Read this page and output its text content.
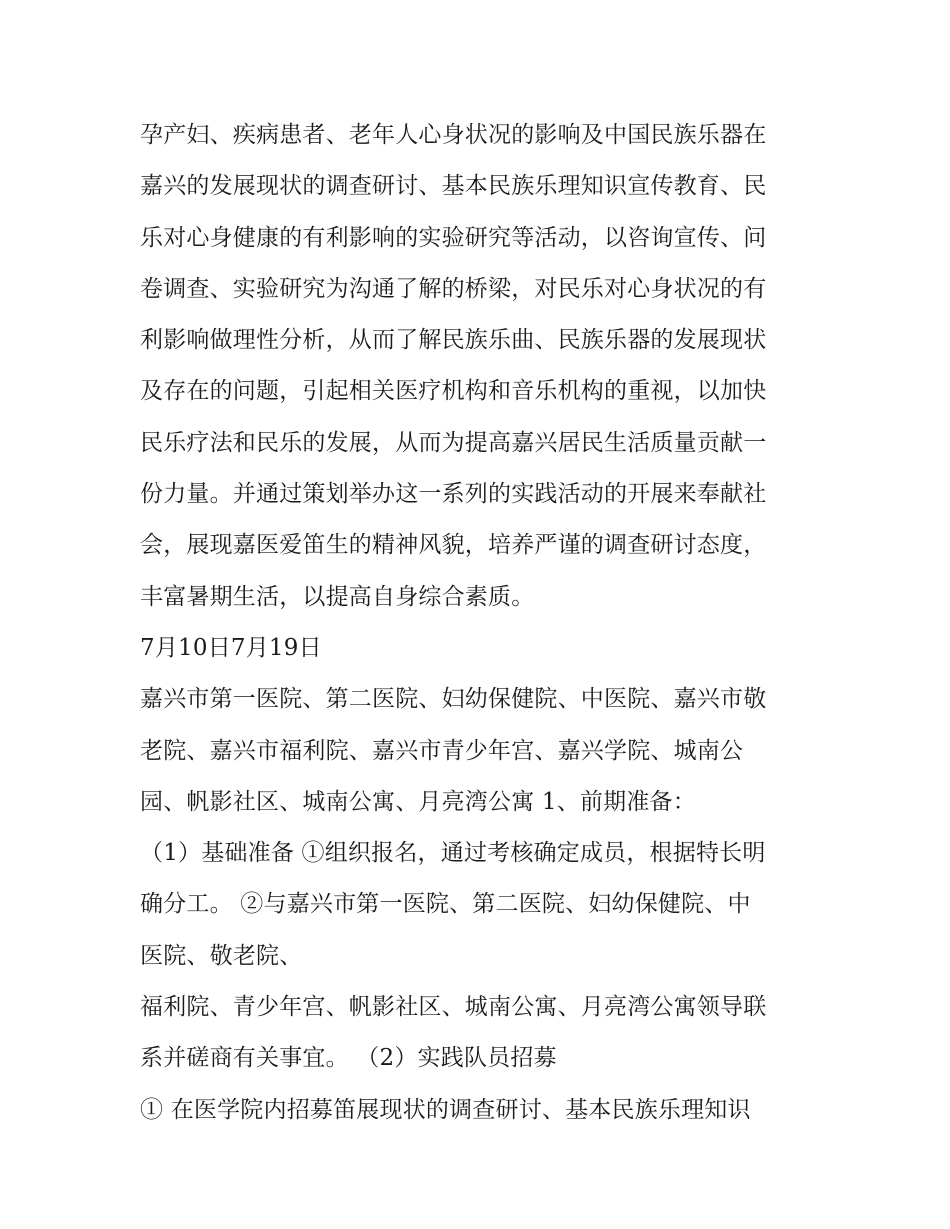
孕产妇、疾病患者、老年人心身状况的影响及中国民族乐器在
嘉兴的发展现状的调查研讨、基本民族乐理知识宣传教育、民
乐对心身健康的有利影响的实验研究等活动，以咨询宣传、问
卷调查、实验研究为沟通了解的桥梁，对民乐对心身状况的有
利影响做理性分析，从而了解民族乐曲、民族乐器的发展现状
及存在的问题，引起相关医疗机构和音乐机构的重视，以加快
民乐疗法和民乐的发展，从而为提高嘉兴居民生活质量贡献一
份力量。并通过策划举办这一系列的实践活动的开展来奉献社
会，展现嘉医爱笛生的精神风貌，培养严谨的调查研讨态度，
丰富暑期生活，以提高自身综合素质。
7月10日7月19日
嘉兴市第一医院、第二医院、妇幼保健院、中医院、嘉兴市敬
老院、嘉兴市福利院、嘉兴市青少年宫、嘉兴学院、城南公
园、帆影社区、城南公寓、月亮湾公寓 1、前期准备：
（1）基础准备 ①组织报名，通过考核确定成员，根据特长明
确分工。 ②与嘉兴市第一医院、第二医院、妇幼保健院、中
医院、敬老院、
福利院、青少年宫、帆影社区、城南公寓、月亮湾公寓领导联
系并磋商有关事宜。 （2）实践队员招募
① 在医学院内招募笛展现状的调查研讨、基本民族乐理知识
